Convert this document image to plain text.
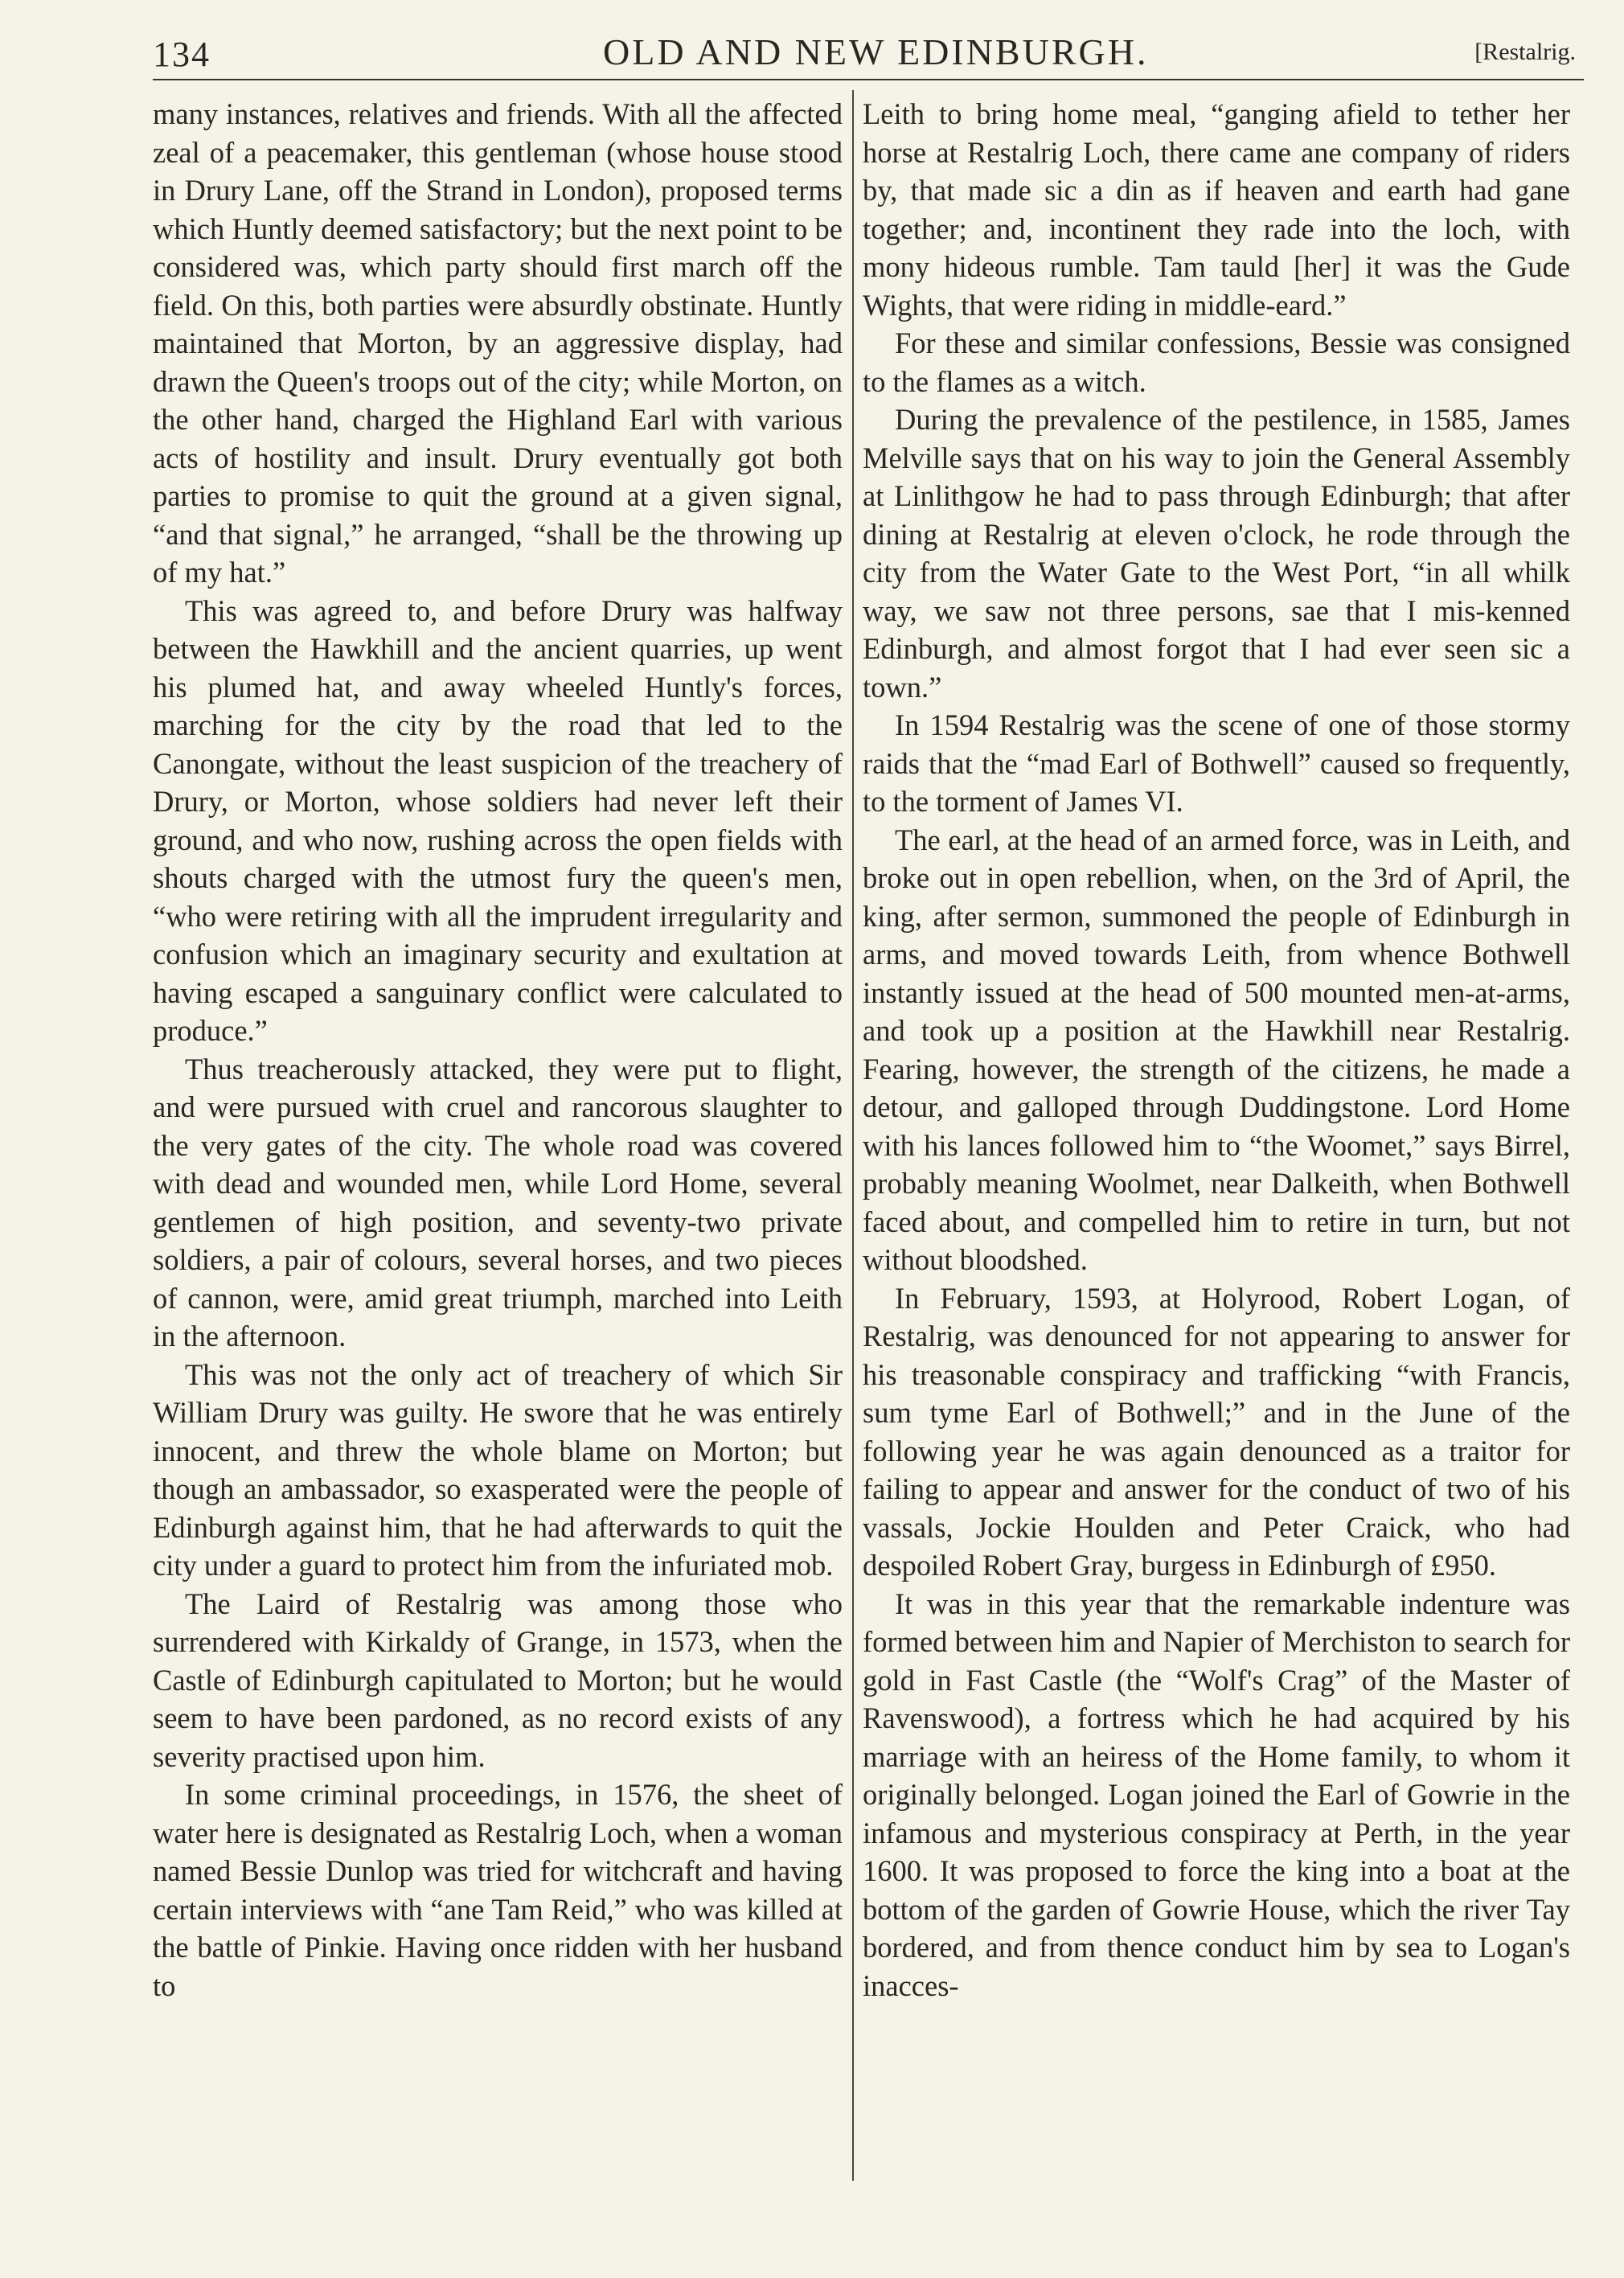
134	OLD AND NEW EDINBURGH.	[Restalrig.

many instances, relatives and friends. With all the affected zeal of a peacemaker, this gentleman (whose house stood in Drury Lane, off the Strand in London), proposed terms which Huntly deemed satisfactory; but the next point to be considered was, which party should first march off the field. On this, both parties were absurdly obstinate. Huntly maintained that Morton, by an aggressive display, had drawn the Queen's troops out of the city; while Morton, on the other hand, charged the Highland Earl with various acts of hostility and insult. Drury eventually got both parties to promise to quit the ground at a given signal, “and that signal,” he arranged, “shall be the throwing up of my hat.”

This was agreed to, and before Drury was halfway between the Hawkhill and the ancient quarries, up went his plumed hat, and away wheeled Huntly's forces, marching for the city by the road that led to the Canongate, without the least suspicion of the treachery of Drury, or Morton, whose soldiers had never left their ground, and who now, rushing across the open fields with shouts charged with the utmost fury the queen's men, “who were retiring with all the imprudent irregularity and confusion which an imaginary security and exultation at having escaped a sanguinary conflict were calculated to produce.”

Thus treacherously attacked, they were put to flight, and were pursued with cruel and rancorous slaughter to the very gates of the city. The whole road was covered with dead and wounded men, while Lord Home, several gentlemen of high position, and seventy-two private soldiers, a pair of colours, several horses, and two pieces of cannon, were, amid great triumph, marched into Leith in the afternoon.

This was not the only act of treachery of which Sir William Drury was guilty. He swore that he was entirely innocent, and threw the whole blame on Morton; but though an ambassador, so exasperated were the people of Edinburgh against him, that he had afterwards to quit the city under a guard to protect him from the infuriated mob.

The Laird of Restalrig was among those who surrendered with Kirkaldy of Grange, in 1573, when the Castle of Edinburgh capitulated to Morton; but he would seem to have been pardoned, as no record exists of any severity practised upon him.

In some criminal proceedings, in 1576, the sheet of water here is designated as Restalrig Loch, when a woman named Bessie Dunlop was tried for witchcraft and having certain interviews with “ane Tam Reid,” who was killed at the battle of Pinkie. Having once ridden with her husband to

Leith to bring home meal, “ganging afield to tether her horse at Restalrig Loch, there came ane company of riders by, that made sic a din as if heaven and earth had gane together; and, incontinent they rade into the loch, with mony hideous rumble. Tam tauld [her] it was the Gude Wights, that were riding in middle-eard.”

For these and similar confessions, Bessie was consigned to the flames as a witch.

During the prevalence of the pestilence, in 1585, James Melville says that on his way to join the General Assembly at Linlithgow he had to pass through Edinburgh; that after dining at Restalrig at eleven o'clock, he rode through the city from the Water Gate to the West Port, “in all whilk way, we saw not three persons, sae that I mis-kenned Edinburgh, and almost forgot that I had ever seen sic a town.”

In 1594 Restalrig was the scene of one of those stormy raids that the “mad Earl of Bothwell” caused so frequently, to the torment of James VI.

The earl, at the head of an armed force, was in Leith, and broke out in open rebellion, when, on the 3rd of April, the king, after sermon, summoned the people of Edinburgh in arms, and moved towards Leith, from whence Bothwell instantly issued at the head of 500 mounted men-at-arms, and took up a position at the Hawkhill near Restalrig. Fearing, however, the strength of the citizens, he made a detour, and galloped through Duddingstone. Lord Home with his lances followed him to “the Woomet,” says Birrel, probably meaning Woolmet, near Dalkeith, when Bothwell faced about, and compelled him to retire in turn, but not without bloodshed.

In February, 1593, at Holyrood, Robert Logan, of Restalrig, was denounced for not appearing to answer for his treasonable conspiracy and trafficking “with Francis, sum tyme Earl of Bothwell;” and in the June of the following year he was again denounced as a traitor for failing to appear and answer for the conduct of two of his vassals, Jockie Houlden and Peter Craick, who had despoiled Robert Gray, burgess in Edinburgh of £950.

It was in this year that the remarkable indenture was formed between him and Napier of Merchiston to search for gold in Fast Castle (the “Wolf's Crag” of the Master of Ravenswood), a fortress which he had acquired by his marriage with an heiress of the Home family, to whom it originally belonged. Logan joined the Earl of Gowrie in the infamous and mysterious conspiracy at Perth, in the year 1600. It was proposed to force the king into a boat at the bottom of the garden of Gowrie House, which the river Tay bordered, and from thence conduct him by sea to Logan's inacces-
